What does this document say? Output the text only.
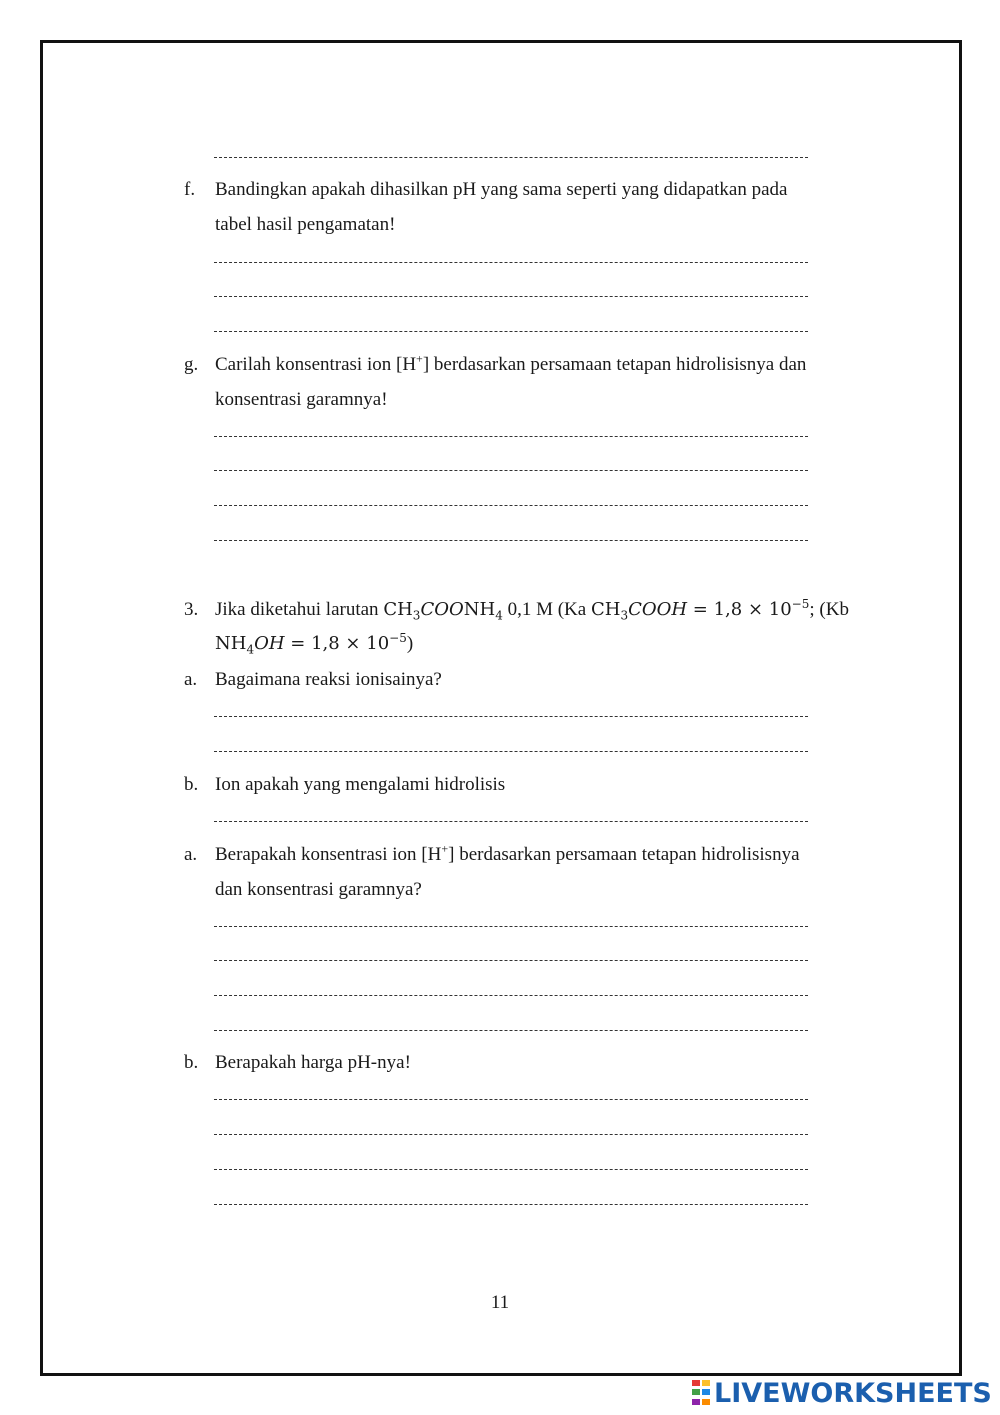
f. Bandingkan apakah dihasilkan pH yang sama seperti yang didapatkan pada
tabel hasil pengamatan!
g. Carilah konsentrasi ion [H+] berdasarkan persamaan tetapan hidrolisisnya dan
konsentrasi garamnya!
3. Jika diketahui larutan $CH_3COONH_4$ 0,1 M (Ka $CH_3COOH = 1,8 \times 10^{-5}$; (Kb
$NH_4OH = 1,8 \times 10^{-5}$)
a. Bagaimana reaksi ionisainya?
b. Ion apakah yang mengalami hidrolisis
a. Berapakah konsentrasi ion [H+] berdasarkan persamaan tetapan hidrolisisnya
dan konsentrasi garamnya?
b. Berapakah harga pH-nya!
11
LIVEWORKSHEETS
